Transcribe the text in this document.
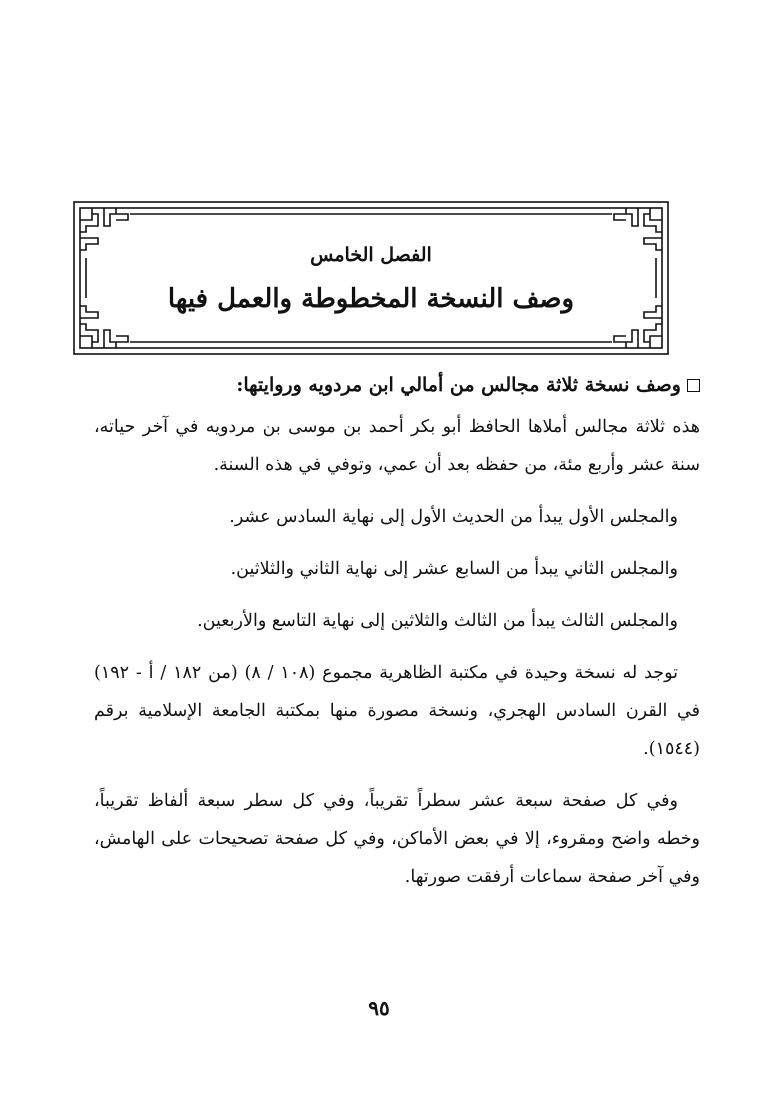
الفصل الخامس
وصف النسخة المخطوطة والعمل فيها
وصف نسخة ثلاثة مجالس من أمالي ابن مردويه وروايتها:

هذه ثلاثة مجالس أملاها الحافظ أبو بكر أحمد بن موسى بن مردويه في آخر حياته، سنة عشر وأربع مئة، من حفظه بعد أن عمي، وتوفي في هذه السنة.

والمجلس الأول يبدأ من الحديث الأول إلى نهاية السادس عشر.

والمجلس الثاني يبدأ من السابع عشر إلى نهاية الثاني والثلاثين.

والمجلس الثالث يبدأ من الثالث والثلاثين إلى نهاية التاسع والأربعين.

توجد له نسخة وحيدة في مكتبة الظاهرية مجموع (١٠٨ / ٨) (من ١٨٢ / أ - ١٩٢) في القرن السادس الهجري، ونسخة مصورة منها بمكتبة الجامعة الإسلامية برقم (١٥٤٤).

وفي كل صفحة سبعة عشر سطراً تقريباً، وفي كل سطر سبعة ألفاظ تقريباً، وخطه واضح ومقروء، إلا في بعض الأماكن، وفي كل صفحة تصحيحات على الهامش، وفي آخر صفحة سماعات أرفقت صورتها.

٩٥
